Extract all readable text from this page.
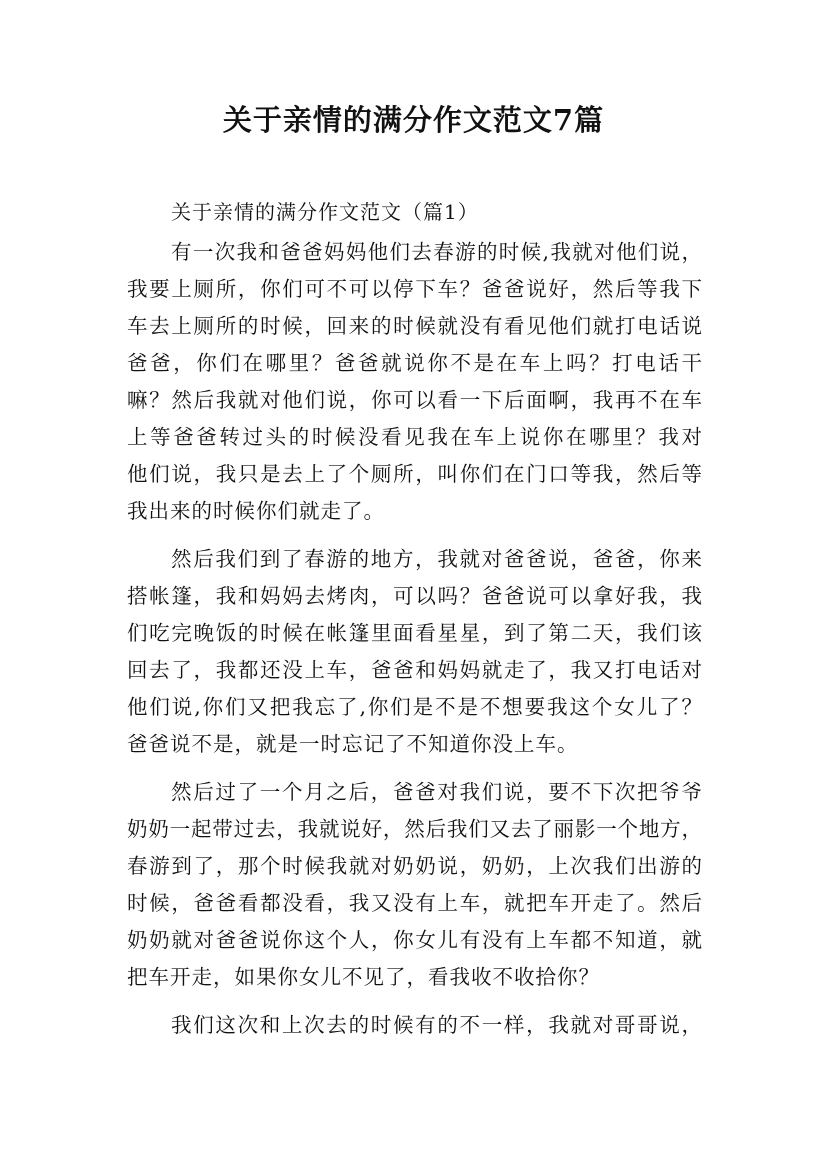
关于亲情的满分作文范文7篇
关于亲情的满分作文范文（篇1）
有一次我和爸爸妈妈他们去春游的时候,我就对他们说，
我要上厕所，你们可不可以停下车？爸爸说好，然后等我下
车去上厕所的时候，回来的时候就没有看见他们就打电话说
爸爸，你们在哪里？爸爸就说你不是在车上吗？打电话干
嘛？然后我就对他们说，你可以看一下后面啊，我再不在车
上等爸爸转过头的时候没看见我在车上说你在哪里？我对
他们说，我只是去上了个厕所，叫你们在门口等我，然后等
我出来的时候你们就走了。
然后我们到了春游的地方，我就对爸爸说，爸爸，你来
搭帐篷，我和妈妈去烤肉，可以吗？爸爸说可以拿好我，我
们吃完晚饭的时候在帐篷里面看星星，到了第二天，我们该
回去了，我都还没上车，爸爸和妈妈就走了，我又打电话对
他们说,你们又把我忘了,你们是不是不想要我这个女儿了？
爸爸说不是，就是一时忘记了不知道你没上车。
然后过了一个月之后，爸爸对我们说，要不下次把爷爷
奶奶一起带过去，我就说好，然后我们又去了丽影一个地方，
春游到了，那个时候我就对奶奶说，奶奶，上次我们出游的
时候，爸爸看都没看，我又没有上车，就把车开走了。然后
奶奶就对爸爸说你这个人，你女儿有没有上车都不知道，就
把车开走，如果你女儿不见了，看我收不收拾你？
我们这次和上次去的时候有的不一样，我就对哥哥说，
